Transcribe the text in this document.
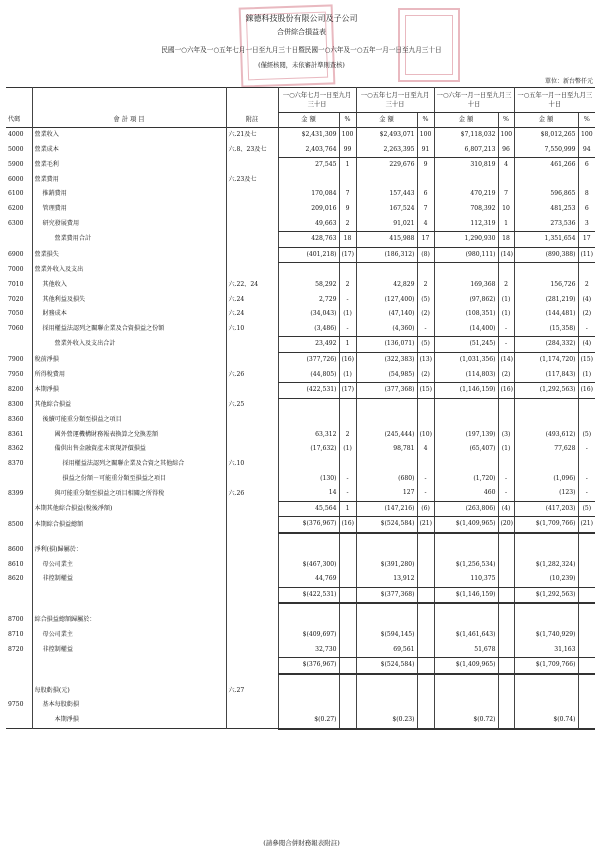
錸德科技股份有限公司及子公司
合併綜合損益表
民國一○六年及一○五年七月一日至九月三十日暨民國一○六年及一○五年一月一日至九月三十日
(僅經核閱，未依審計準則查核)
單位：新台幣仟元
			一○六年七月一日至九月三十日		一○五年七月一日至九月三十日		一○六年一月一日至九月三十日		一○五年一月一日至九月三十日	
代碼	會 計 項 目	附註	金 額	%	金 額	%	金 額	%	金 額	%
4000	營業收入	六.21及七	$2,431,309	100	$2,493,071	100	$7,118,032	100	$8,012,265	100
5000	營業成本	六.8、23及七	2,403,764	99	2,263,395	91	6,807,213	96	7,550,999	94
5900	營業毛利		27,545	1	229,676	9	310,819	4	461,266	6
6000	營業費用	六.23及七								
6100	推銷費用		170,084	7	157,443	6	470,219	7	596,865	8
6200	管理費用		209,016	9	167,524	7	708,392	10	481,253	6
6300	研究發展費用		49,663	2	91,021	4	112,319	1	273,536	3
	營業費用合計		428,763	18	415,988	17	1,290,930	18	1,351,654	17
6900	營業損失		(401,218)	(17)	(186,312)	(8)	(980,111)	(14)	(890,388)	(11)
7000	營業外收入及支出									
7010	其他收入	六.22、24	58,292	2	42,829	2	169,368	2	156,726	2
7020	其他利益及損失	六.24	2,729	-	(127,400)	(5)	(97,862)	(1)	(281,219)	(4)
7050	財務成本	六.24	(34,043)	(1)	(47,140)	(2)	(108,351)	(1)	(144,481)	(2)
7060	採用權益法認列之關聯企業及合資損益之份額	六.10	(3,486)	-	(4,360)	-	(14,400)	-	(15,358)	-
	營業外收入及支出合計		23,492	1	(136,071)	(5)	(51,245)	-	(284,332)	(4)
7900	稅前淨損		(377,726)	(16)	(322,383)	(13)	(1,031,356)	(14)	(1,174,720)	(15)
7950	所得稅費用	六.26	(44,805)	(1)	(54,985)	(2)	(114,803)	(2)	(117,843)	(1)
8200	本期淨損		(422,531)	(17)	(377,368)	(15)	(1,146,159)	(16)	(1,292,563)	(16)
8300	其他綜合損益	六.25								
8360	後續可能重分類至損益之項目									
8361	國外營運機構財務報表換算之兌換差額		63,312	2	(245,444)	(10)	(197,139)	(3)	(493,612)	(5)
8362	備供出售金融資產未實現評價損益		(17,632)	(1)	98,781	4	(65,407)	(1)	77,628	-
8370	採用權益法認列之關聯企業及合資之其他綜合	六.10								
	損益之份額－可能重分類至損益之項目		(130)	-	(680)	-	(1,720)	-	(1,096)	-
8399	與可能重分類至損益之項目相關之所得稅	六.26	14	-	127	-	460	-	(123)	-
	本期其他綜合損益(稅後淨額)		45,564	1	(147,216)	(6)	(263,806)	(4)	(417,203)	(5)
8500	本期綜合損益總額		$(376,967)	(16)	$(524,584)	(21)	$(1,409,965)	(20)	$(1,709,766)	(21)

8600	淨利(損)歸屬於：									
8610	母公司業主		$(467,300)		$(391,280)		$(1,256,534)		$(1,282,324)	
8620	非控制權益		44,769		13,912		110,375		(10,239)	
			$(422,531)		$(377,368)		$(1,146,159)		$(1,292,563)	

8700	綜合損益總額歸屬於：									
8710	母公司業主		$(409,697)		$(594,145)		$(1,461,643)		$(1,740,929)	
8720	非控制權益		32,730		69,561		51,678		31,163	
			$(376,967)		$(524,584)		$(1,409,965)		$(1,709,766)	

	每股虧損(元)	六.27								
9750	基本每股虧損									
	本期淨損		$(0.27)		$(0.23)		$(0.72)		$(0.74)	
(請參閱合併財務報表附註)
